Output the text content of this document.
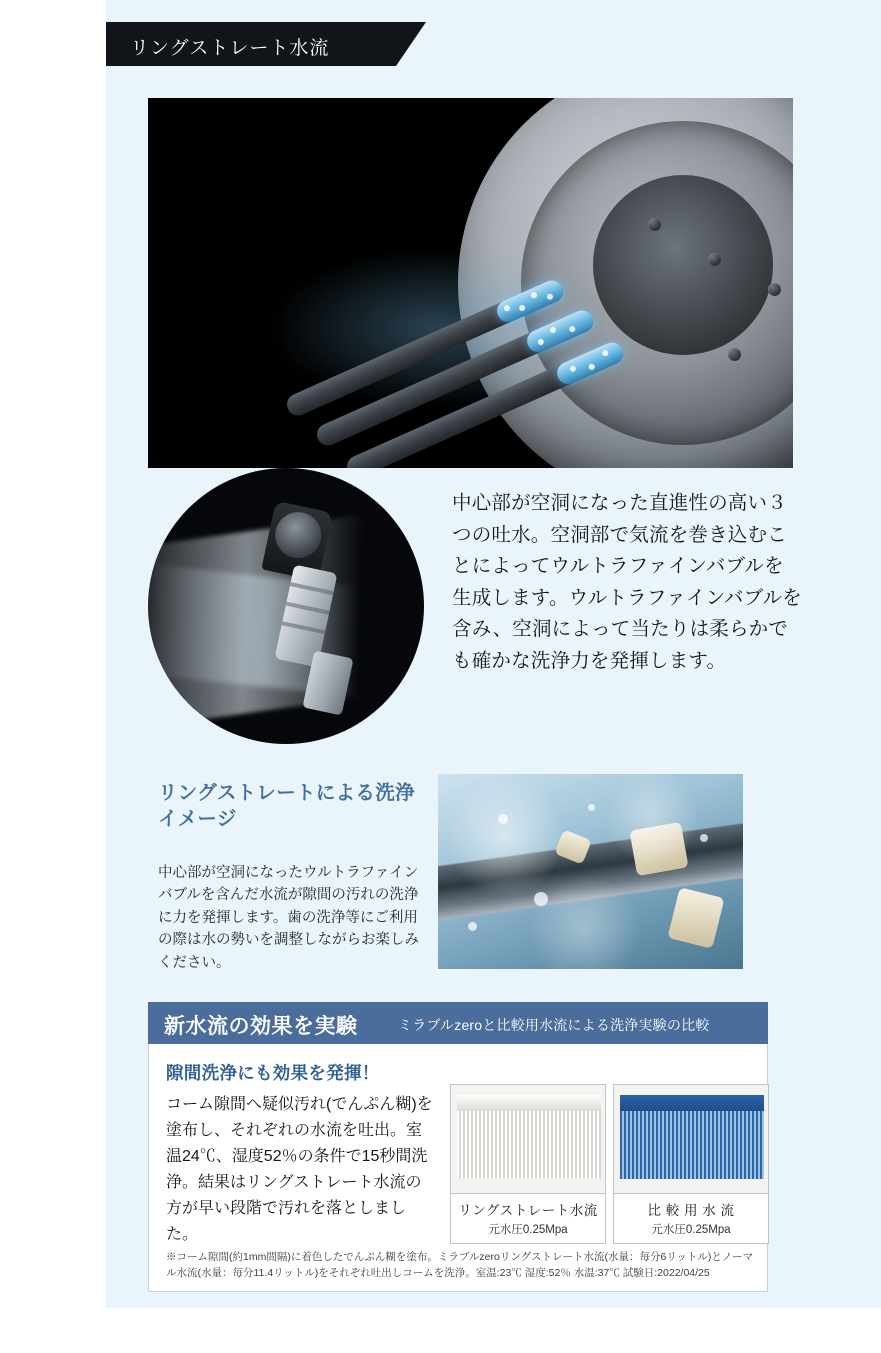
リングストレート水流

中心部が空洞になった直進性の高い３つの吐水。空洞部で気流を巻き込むことによってウルトラファインバブルを生成します。ウルトラファインバブルを含み、空洞によって当たりは柔らかでも確かな洗浄力を発揮します。

リングストレートによる洗浄イメージ
中心部が空洞になったウルトラファインバブルを含んだ水流が隙間の汚れの洗浄に力を発揮します。歯の洗浄等にご利用の際は水の勢いを調整しながらお楽しみください。
新水流の効果を実験	ミラブルzeroと比較用水流による洗浄実験の比較
隙間洗浄にも効果を発揮！
コーム隙間へ疑似汚れ(でんぷん糊)を塗布し、それぞれの水流を吐出。室温24℃、湿度52％の条件で15秒間洗浄。結果はリングストレート水流の方が早い段階で汚れを落としました。
リングストレート水流
元水圧0.25Mpa
比 較 用 水 流
元水圧0.25Mpa
※コーム隙間(約1mm間隔)に着色したでんぷん糊を塗布。ミラブルzeroリングストレート水流(水量：毎分6リットル)とノーマル水流(水量：毎分11.4リットル)をそれぞれ吐出しコームを洗浄。室温:23℃ 湿度:52％ 水温:37℃ 試験日:2022/04/25
